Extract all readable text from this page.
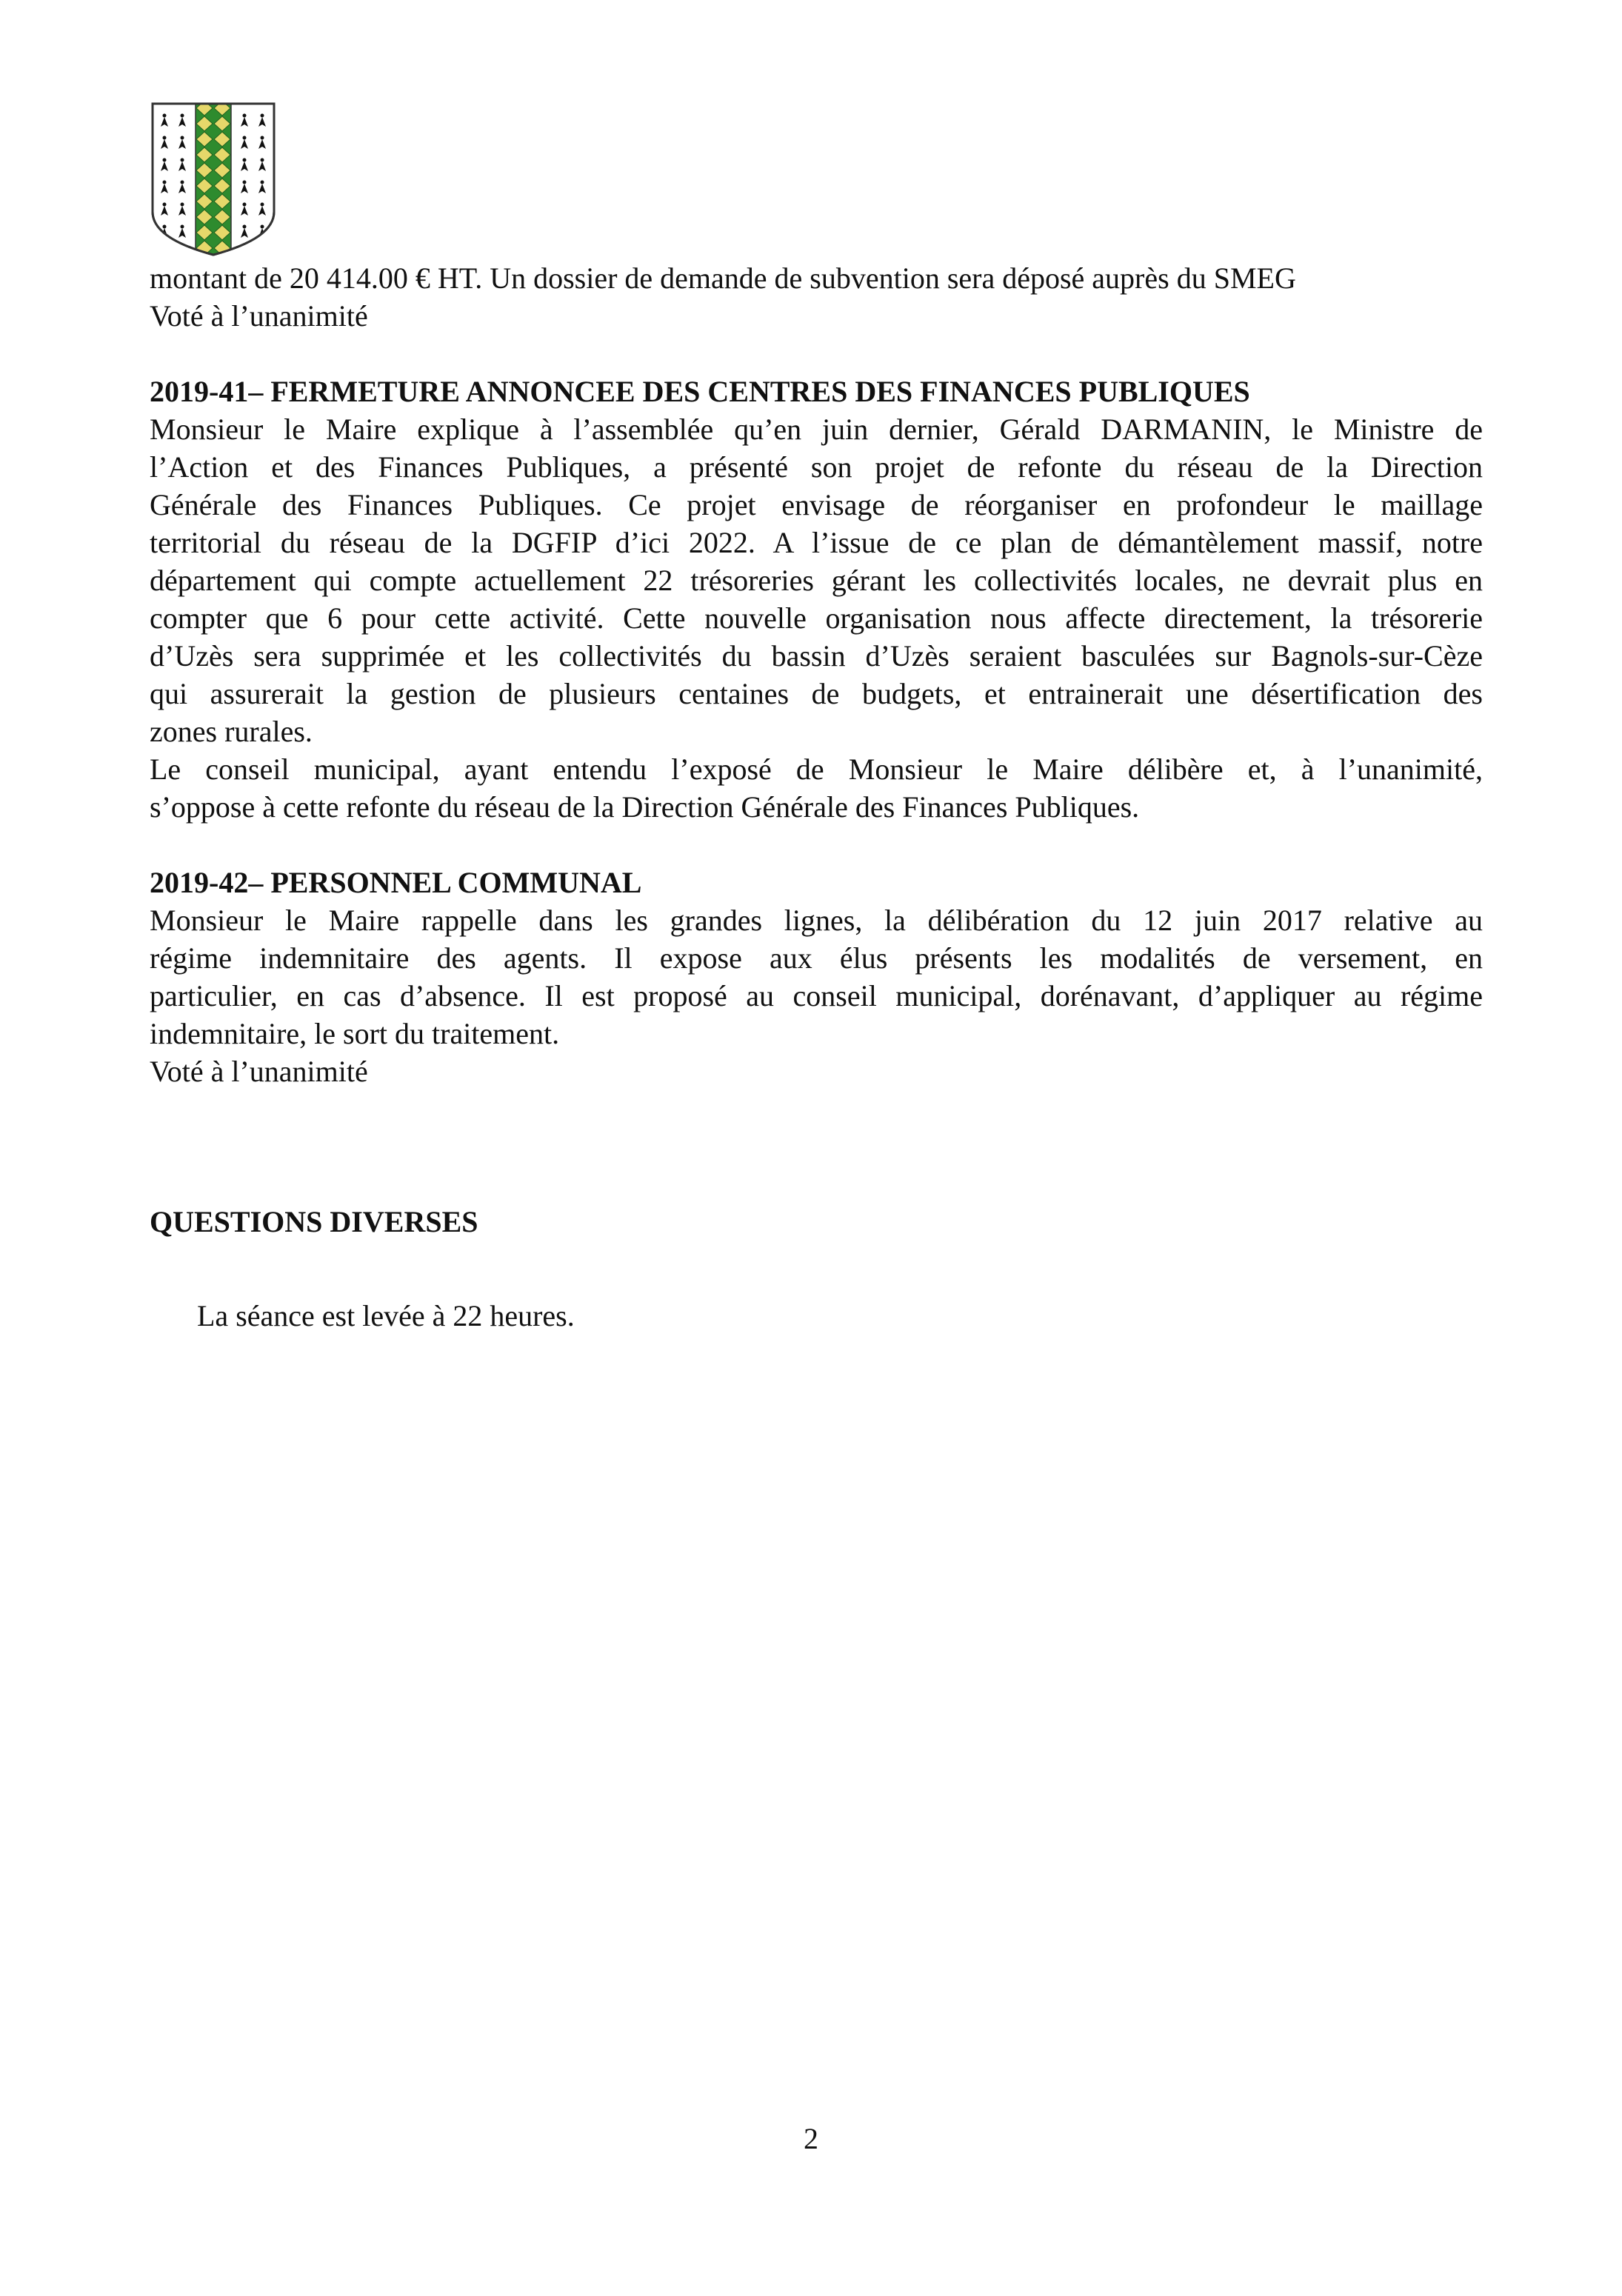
montant de 20 414.00 € HT. Un dossier de demande de subvention sera déposé auprès du SMEG
Voté à l’unanimité
2019-41– FERMETURE ANNONCEE DES CENTRES DES FINANCES PUBLIQUES
Monsieur le Maire explique à l’assemblée qu’en juin dernier, Gérald DARMANIN, le Ministre de
l’Action et des Finances Publiques, a présenté son projet de refonte du réseau de la Direction
Générale des Finances Publiques. Ce projet envisage de réorganiser en profondeur le maillage
territorial du réseau de la DGFIP d’ici 2022. A l’issue de ce plan de démantèlement massif, notre
département qui compte actuellement 22 trésoreries gérant les collectivités locales, ne devrait plus en
compter que 6 pour cette activité. Cette nouvelle organisation nous affecte directement, la trésorerie
d’Uzès sera supprimée et les collectivités du bassin d’Uzès seraient basculées sur Bagnols-sur-Cèze
qui assurerait la gestion de plusieurs centaines de budgets, et entrainerait une désertification des
zones rurales.
Le conseil municipal, ayant entendu l’exposé de Monsieur le Maire délibère et, à l’unanimité,
s’oppose à cette refonte du réseau de la Direction Générale des Finances Publiques.
2019-42– PERSONNEL COMMUNAL
Monsieur le Maire rappelle dans les grandes lignes, la délibération du 12 juin 2017 relative au
régime indemnitaire des agents. Il expose aux élus présents les modalités de versement, en
particulier, en cas d’absence. Il est proposé au conseil municipal, dorénavant, d’appliquer au régime
indemnitaire, le sort du traitement.
Voté à l’unanimité
QUESTIONS DIVERSES
La séance est levée à 22 heures.
2
